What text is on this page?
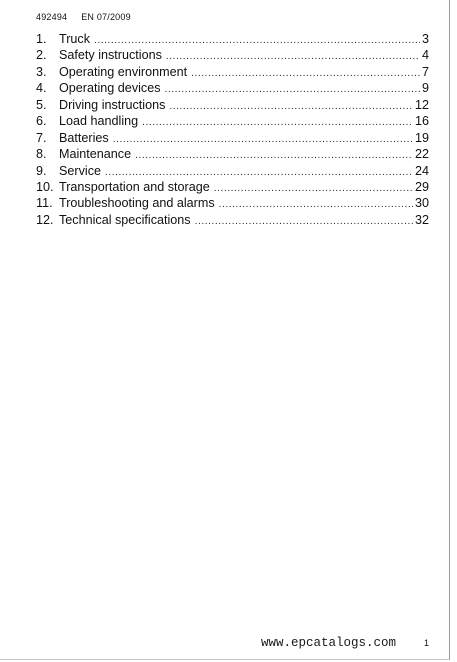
492494 EN 07/2009
1. Truck .....	3
2. Safety instructions .....	4
3. Operating environment .....	7
4. Operating devices .....	9
5. Driving instructions .....	12
6. Load handling .....	16
7. Batteries .....	19
8. Maintenance .....	22
9. Service .....	24
10. Transportation and storage .....	29
11. Troubleshooting and alarms .....	30
12. Technical specifications .....	32
www.epcatalogs.com	1
